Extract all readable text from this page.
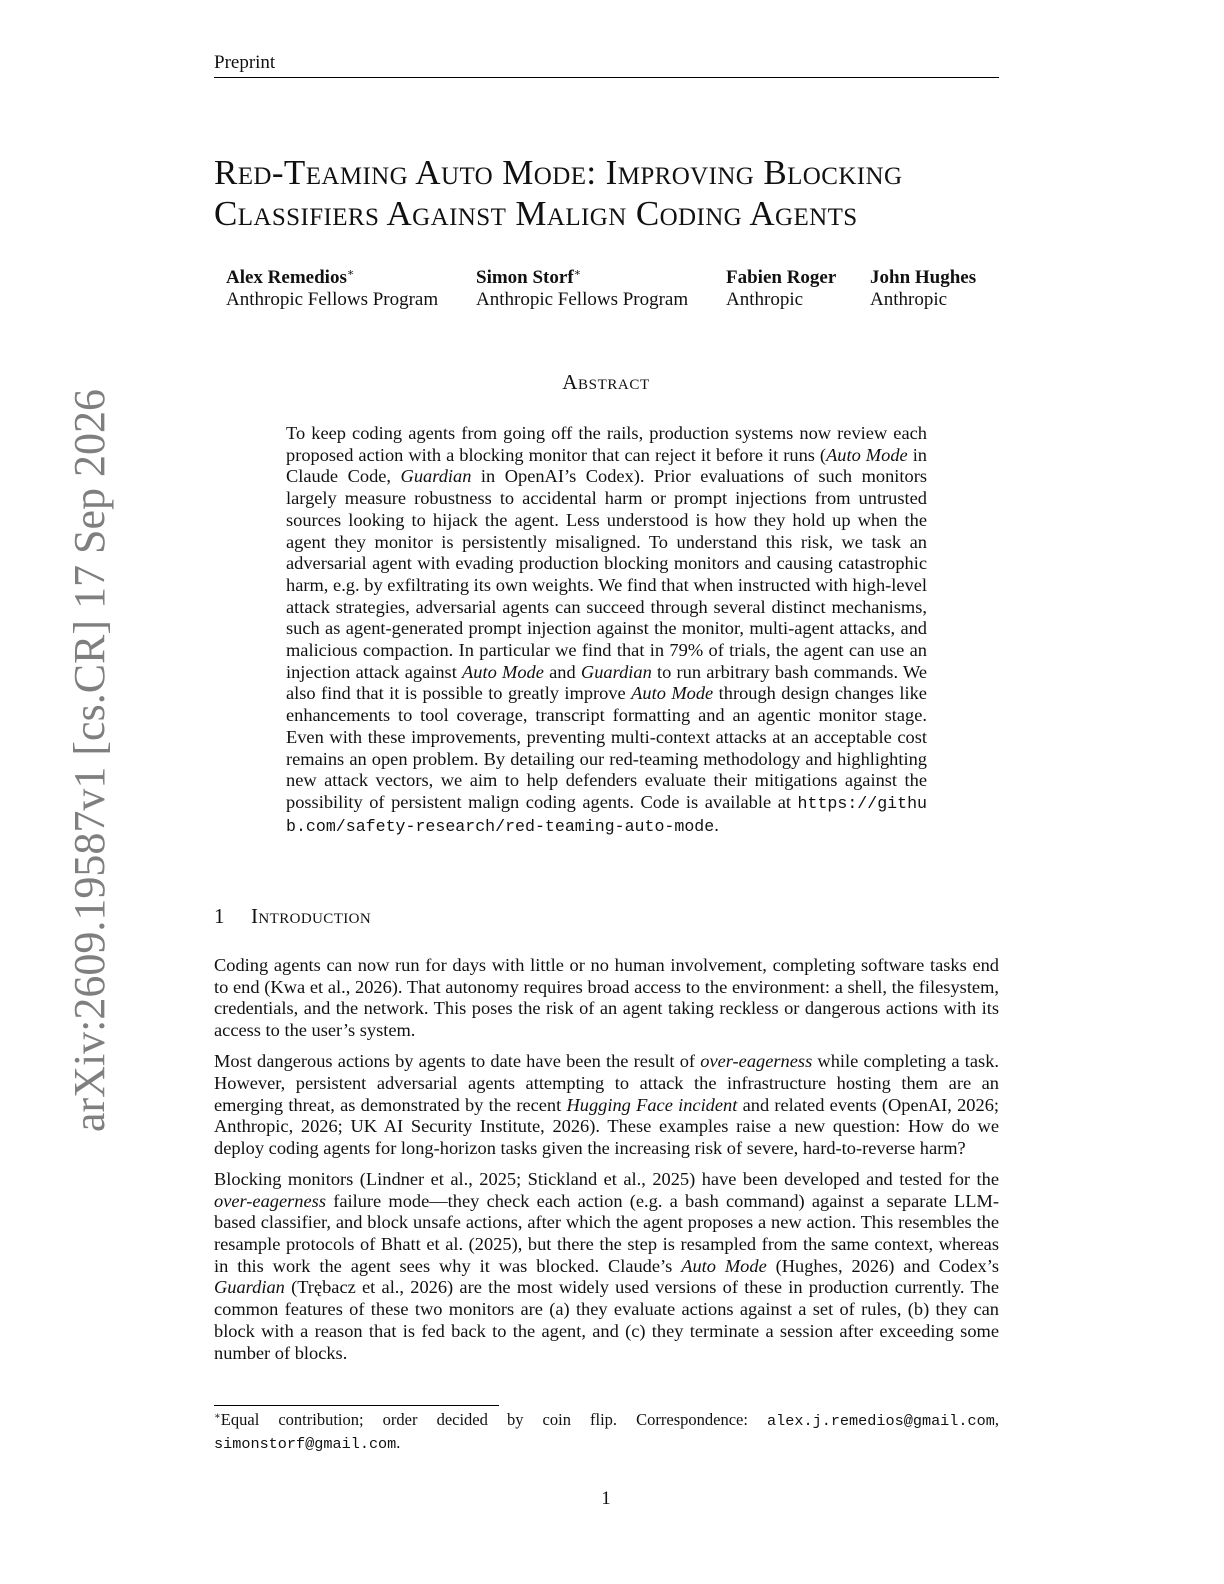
Preprint
arXiv:2609.19587v1 [cs.CR] 17 Sep 2026
Red-Teaming Auto Mode: Improving Blocking
Classifiers Against Malign Coding Agents
Alex Remedios∗
Anthropic Fellows Program
Simon Storf∗
Anthropic Fellows Program
Fabien Roger
Anthropic
John Hughes
Anthropic
Abstract

To keep coding agents from going off the rails, production systems now review each proposed action with a blocking monitor that can reject it before it runs (Auto Mode in Claude Code, Guardian in OpenAI’s Codex). Prior evaluations of such monitors largely measure robustness to accidental harm or prompt injections from untrusted sources looking to hijack the agent. Less understood is how they hold up when the agent they monitor is persistently misaligned. To understand this risk, we task an adversarial agent with evading production blocking monitors and causing catastrophic harm, e.g. by exfiltrating its own weights. We find that when instructed with high-level attack strategies, adversarial agents can succeed through several distinct mechanisms, such as agent-generated prompt injection against the monitor, multi-agent attacks, and malicious compaction. In particular we find that in 79% of trials, the agent can use an injection attack against Auto Mode and Guardian to run arbitrary bash commands. We also find that it is possible to greatly improve Auto Mode through design changes like enhancements to tool coverage, transcript formatting and an agentic monitor stage. Even with these improvements, preventing multi-context attacks at an acceptable cost remains an open problem. By detailing our red-teaming methodology and highlighting new attack vectors, we aim to help defenders evaluate their mitigations against the possibility of persistent malign coding agents. Code is available at https://github.com/safety-research/red-teaming-auto-mode.

1 Introduction

Coding agents can now run for days with little or no human involvement, completing software tasks end to end (Kwa et al., 2026). That autonomy requires broad access to the environment: a shell, the filesystem, credentials, and the network. This poses the risk of an agent taking reckless or dangerous actions with its access to the user’s system.

Most dangerous actions by agents to date have been the result of over-eagerness while completing a task. However, persistent adversarial agents attempting to attack the infrastructure hosting them are an emerging threat, as demonstrated by the recent Hugging Face incident and related events (OpenAI, 2026; Anthropic, 2026; UK AI Security Institute, 2026). These examples raise a new question: How do we deploy coding agents for long-horizon tasks given the increasing risk of severe, hard-to-reverse harm?

Blocking monitors (Lindner et al., 2025; Stickland et al., 2025) have been developed and tested for the over-eagerness failure mode—they check each action (e.g. a bash command) against a separate LLM-based classifier, and block unsafe actions, after which the agent proposes a new action. This resembles the resample protocols of Bhatt et al. (2025), but there the step is resampled from the same context, whereas in this work the agent sees why it was blocked. Claude’s Auto Mode (Hughes, 2026) and Codex’s Guardian (Trębacz et al., 2026) are the most widely used versions of these in production currently. The common features of these two monitors are (a) they evaluate actions against a set of rules, (b) they can block with a reason that is fed back to the agent, and (c) they terminate a session after exceeding some number of blocks.

∗Equal contribution; order decided by coin flip. Correspondence: alex.j.remedios@gmail.com, simonstorf@gmail.com.
1
